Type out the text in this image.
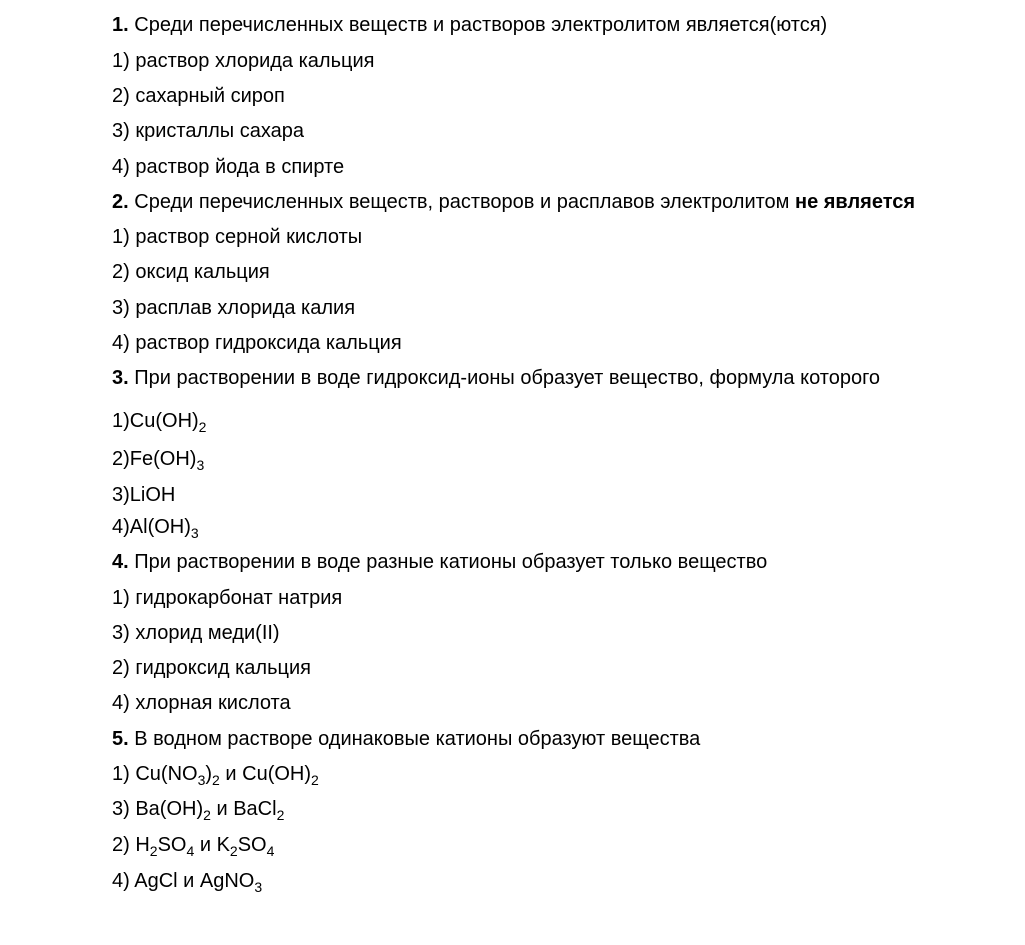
1. Среди перечисленных веществ и растворов электролитом является(ются)
1) раствор хлорида кальция
2) сахарный сироп
3) кристаллы сахара
4) раствор йода в спирте
2. Среди перечисленных веществ, растворов и расплавов электролитом не является
1) раствор серной кислоты
2) оксид кальция
3) расплав хлорида калия
4) раствор гидроксида кальция
3. При растворении в воде гидроксид-ионы образует вещество, формула которого
$1)Cu(OH)_2$
$2)Fe(OH)_3$
3)LiOH
$4)Al(OH)_3$
4. При растворении в воде разные катионы образует только вещество
1) гидрокарбонат натрия
3) хлорид меди(II)
2) гидроксид кальция
4) хлорная кислота
5. В водном растворе одинаковые катионы образуют вещества
1) $Cu(NO_3)_2$ и $Cu(OH)_2$
3) $Ba(OH)_2$ и BaCl$_2$
2) $H_2SO_4$ и $K_2SO_4$
4) AgCl и AgNO$_3$
